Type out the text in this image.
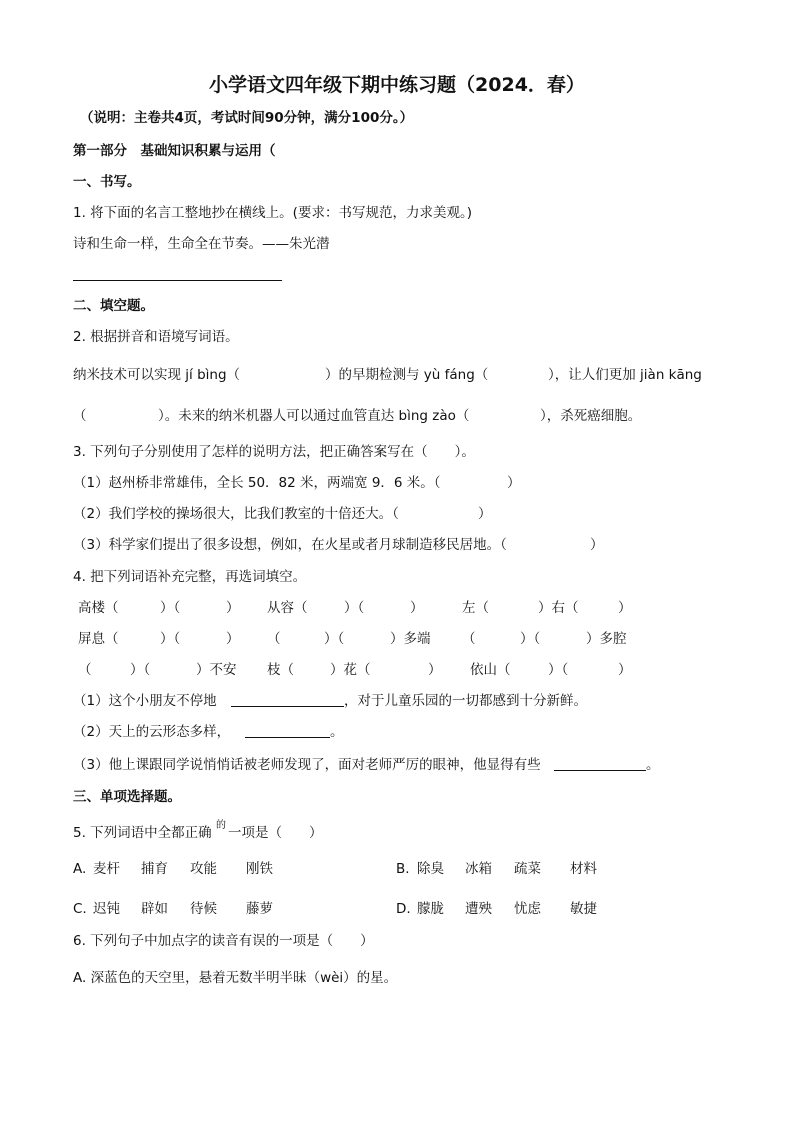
小学语文四年级下期中练习题（2024．春）
（说明：主卷共4页，考试时间90分钟，满分100分。）
第一部分　基础知识积累与运用（
一、书写。
1. 将下面的名言工整地抄在横线上。(要求：书写规范，力求美观。)
诗和生命一样，生命全在节奏。——朱光潜
二、填空题。
2. 根据拼音和语境写词语。
纳米技术可以实现 jí bìng（	）的早期检测与 yù fáng（	），让人们更加 jiàn kāng
（	）。未来的纳米机器人可以通过血管直达 bìng zào（	），杀死癌细胞。
3. 下列句子分别使用了怎样的说明方法，把正确答案写在（　　）。
（1）赵州桥非常雄伟，全长 50．82 米，两端宽 9．6 米。（	）
（2）我们学校的操场很大，比我们教室的十倍还大。（	）
（3）科学家们提出了很多设想，例如，在火星或者月球制造移民居地。（	）
4. 把下列词语补充完整，再选词填空。
高楼（	）（	） 从容（	）（	）	左（	）右（	）
屏息（	）（	） （	）（	）多端 （	）（	）多腔
（	）（	）不安 枝（	）花（	） 依山（	）（	）
（1）这个小朋友不停地	，对于儿童乐园的一切都感到十分新鲜。
（2）天上的云形态多样，	。
（3）他上课跟同学说悄悄话被老师发现了，面对老师严厉的眼神，他显得有些	。
三、单项选择题。
5. 下列词语中全都正确 的 一项是（　　）
A. 麦杆 捕育 攻能 刚铁	B. 除臭 冰箱 疏菜 材料
C. 迟钝 辟如 待候 藤萝	D. 朦胧 遭殃 忧虑 敏捷
6. 下列句子中加点字的读音有误的一项是（　　）
A. 深蓝色的天空里，悬着无数半明半昧（wèi）的星。
